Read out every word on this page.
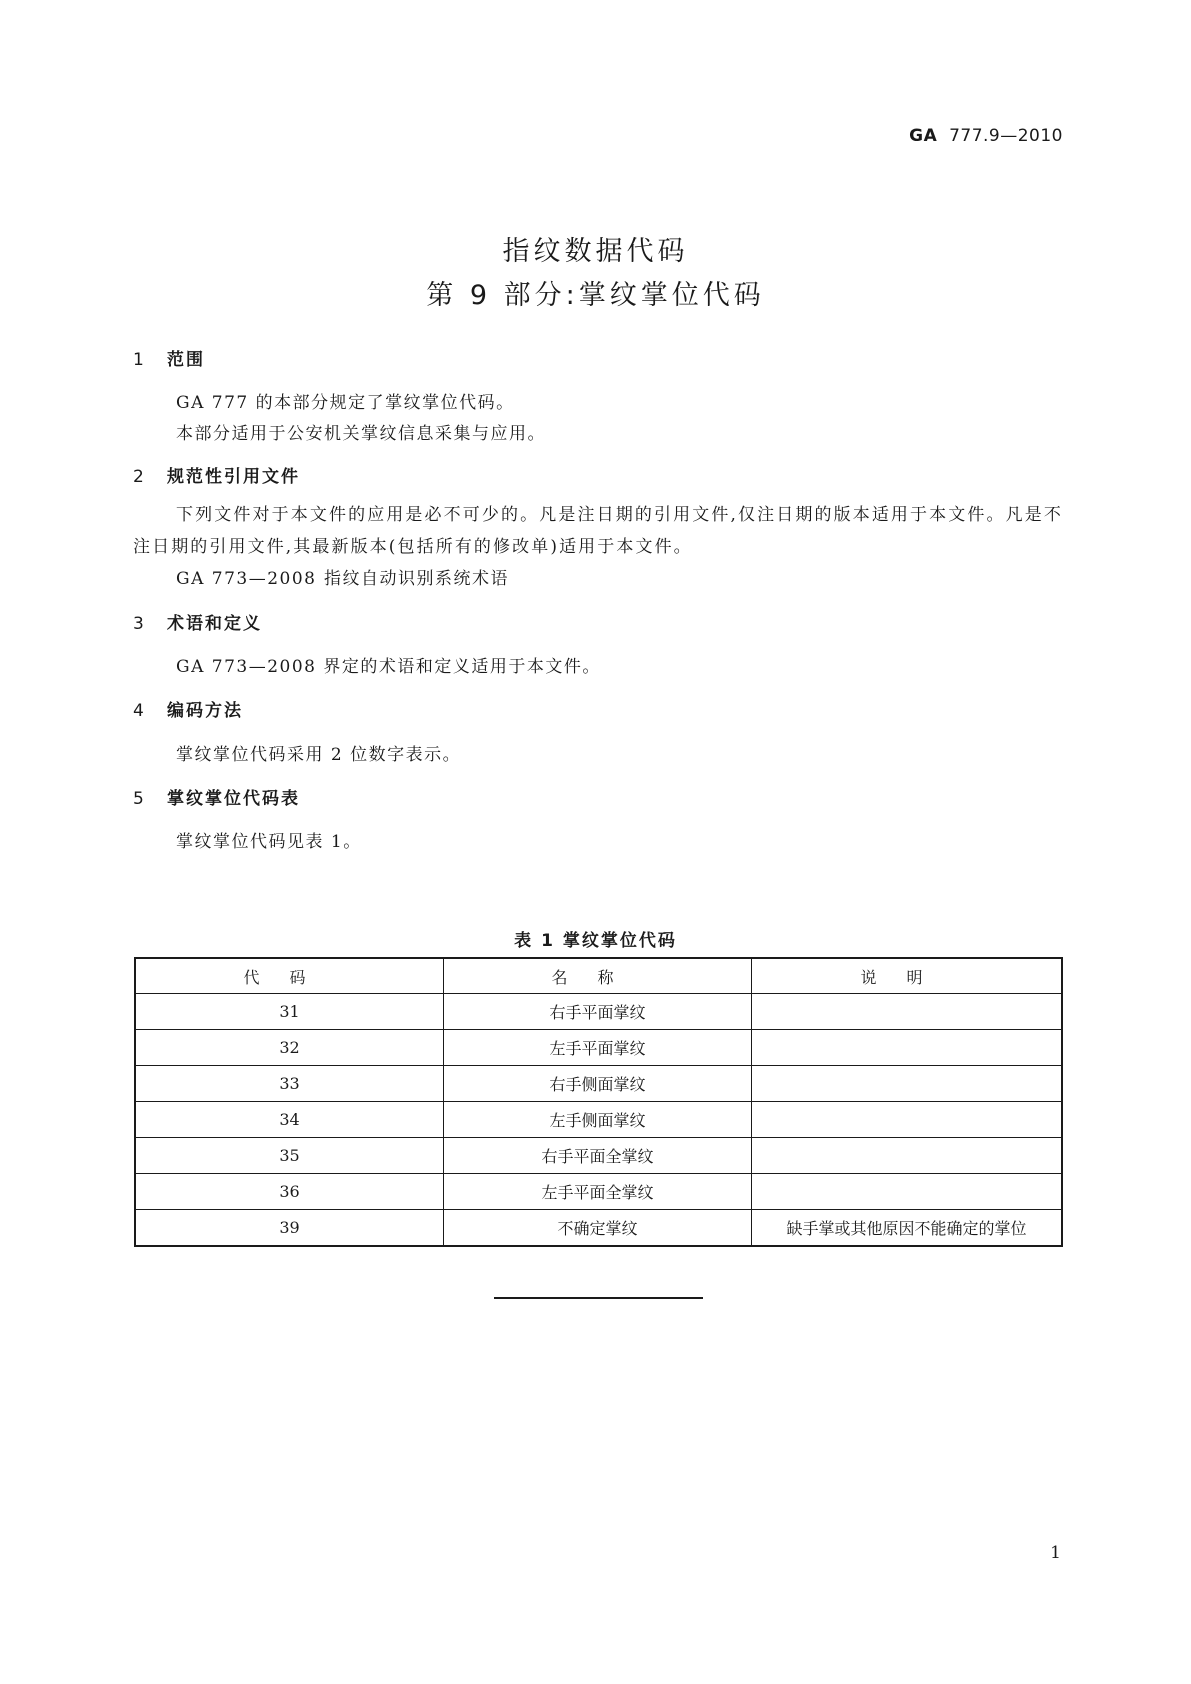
GA 777.9—2010
指纹数据代码
第 9 部分:掌纹掌位代码
1 范围
GA 777 的本部分规定了掌纹掌位代码。
本部分适用于公安机关掌纹信息采集与应用。
2 规范性引用文件
下列文件对于本文件的应用是必不可少的。凡是注日期的引用文件,仅注日期的版本适用于本文件。凡是不注日期的引用文件,其最新版本(包括所有的修改单)适用于本文件。
GA 773—2008 指纹自动识别系统术语
3 术语和定义
GA 773—2008 界定的术语和定义适用于本文件。
4 编码方法
掌纹掌位代码采用 2 位数字表示。
5 掌纹掌位代码表
掌纹掌位代码见表 1。
表 1 掌纹掌位代码
代码	名称	说明
31	右手平面掌纹	
32	左手平面掌纹	
33	右手侧面掌纹	
34	左手侧面掌纹	
35	右手平面全掌纹	
36	左手平面全掌纹	
39	不确定掌纹	缺手掌或其他原因不能确定的掌位
1
